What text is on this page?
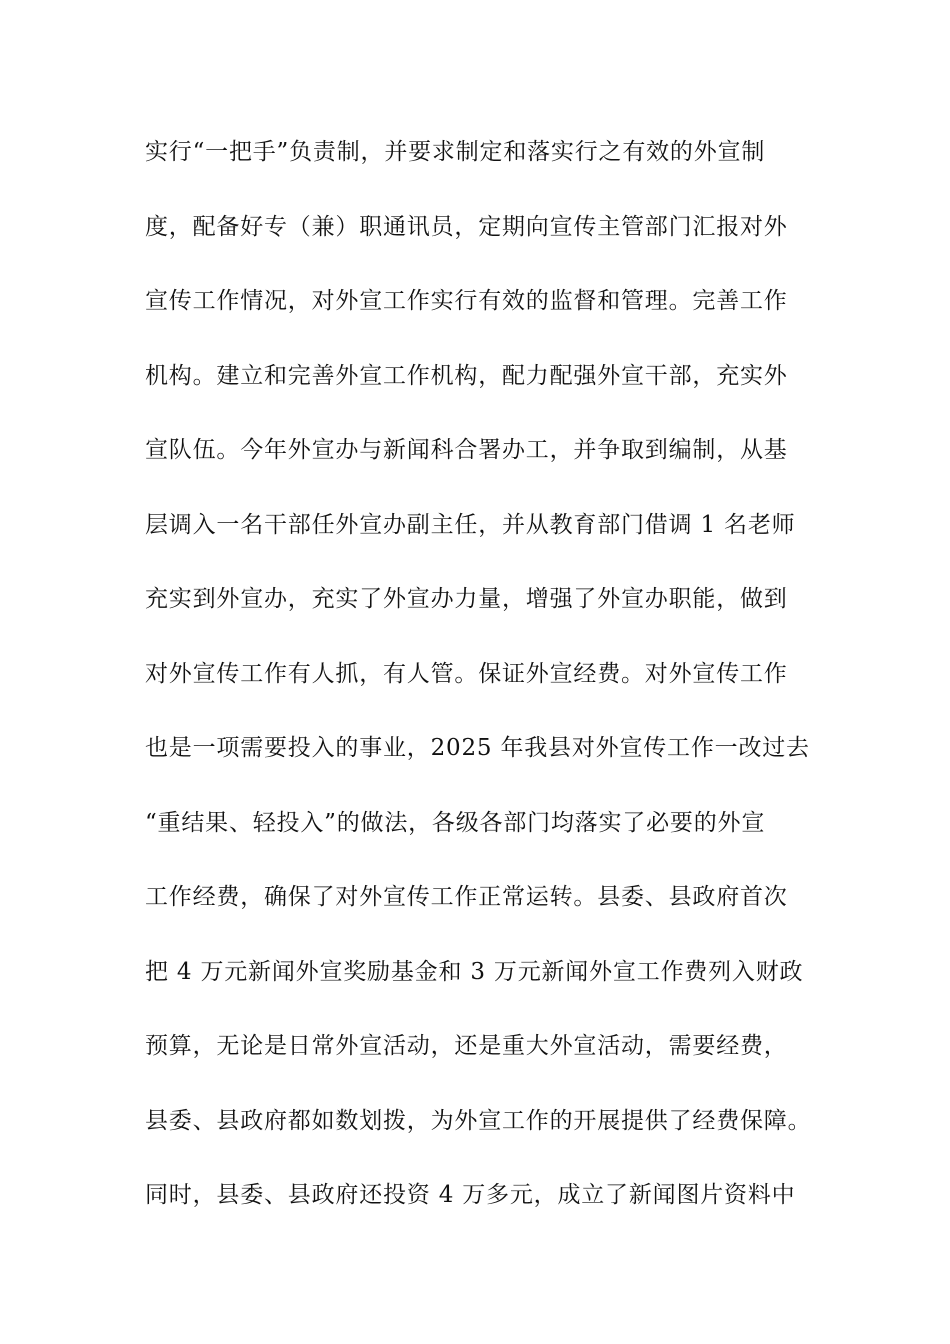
实行“一把手”负责制，并要求制定和落实行之有效的外宣制
度，配备好专（兼）职通讯员，定期向宣传主管部门汇报对外
宣传工作情况，对外宣工作实行有效的监督和管理。完善工作
机构。建立和完善外宣工作机构，配力配强外宣干部，充实外
宣队伍。今年外宣办与新闻科合署办工，并争取到编制，从基
层调入一名干部任外宣办副主任，并从教育部门借调 1 名老师
充实到外宣办，充实了外宣办力量，增强了外宣办职能，做到
对外宣传工作有人抓，有人管。保证外宣经费。对外宣传工作
也是一项需要投入的事业，2025 年我县对外宣传工作一改过去
“重结果、轻投入”的做法，各级各部门均落实了必要的外宣
工作经费，确保了对外宣传工作正常运转。县委、县政府首次
把 4 万元新闻外宣奖励基金和 3 万元新闻外宣工作费列入财政
预算，无论是日常外宣活动，还是重大外宣活动，需要经费，
县委、县政府都如数划拨，为外宣工作的开展提供了经费保障。
同时，县委、县政府还投资 4 万多元，成立了新闻图片资料中
